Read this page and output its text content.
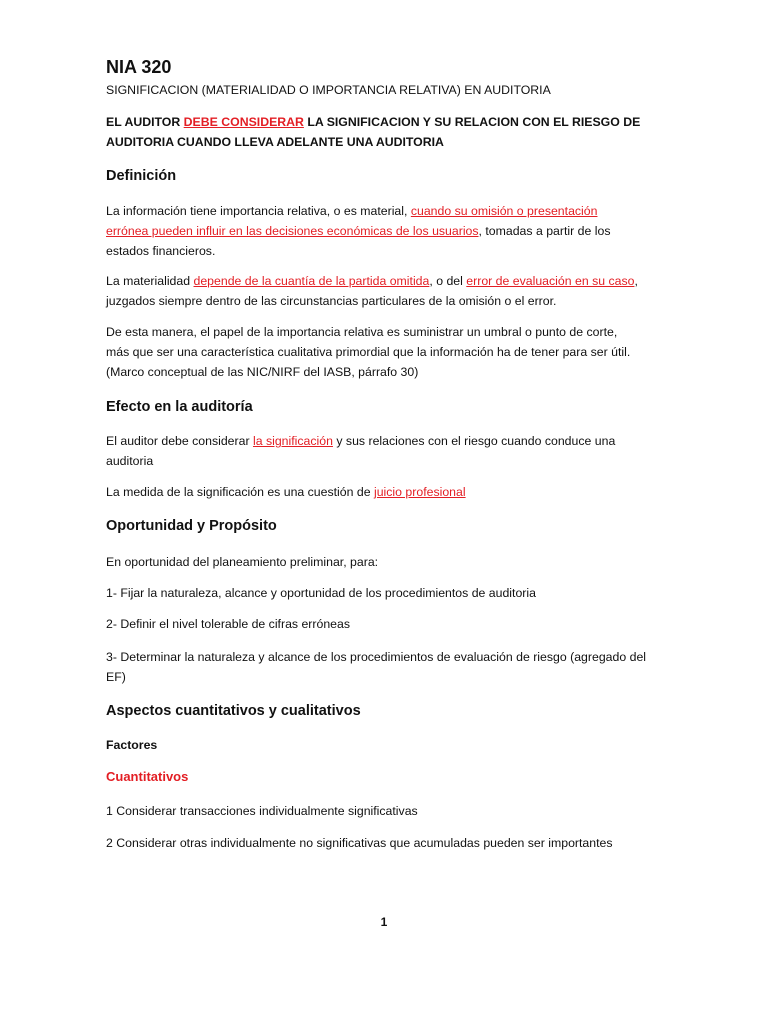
NIA 320
SIGNIFICACION (MATERIALIDAD O IMPORTANCIA RELATIVA) EN AUDITORIA
EL AUDITOR DEBE CONSIDERAR LA SIGNIFICACION Y SU RELACION CON EL RIESGO DE
AUDITORIA CUANDO LLEVA ADELANTE UNA AUDITORIA
Definición
La información tiene importancia relativa, o es material, cuando su omisión o presentación
errónea pueden influir en las decisiones económicas de los usuarios, tomadas a partir de los
estados financieros.
La materialidad depende de la cuantía de la partida omitida, o del error de evaluación en su caso,
juzgados siempre dentro de las circunstancias particulares de la omisión o el error.
De esta manera, el papel de la importancia relativa es suministrar un umbral o punto de corte,
más que ser una característica cualitativa primordial que la información ha de tener para ser útil.
(Marco conceptual de las NIC/NIRF del IASB, párrafo 30)
Efecto en la auditoría
El auditor debe considerar la significación y sus relaciones con el riesgo cuando conduce una
auditoria
La medida de la significación es una cuestión de juicio profesional
Oportunidad y Propósito
En oportunidad del planeamiento preliminar, para:
1- Fijar la naturaleza, alcance y oportunidad de los procedimientos de auditoria
2- Definir el nivel tolerable de cifras erróneas
3- Determinar la naturaleza y alcance de los procedimientos de evaluación de riesgo (agregado del
EF)
Aspectos cuantitativos y cualitativos
Factores
Cuantitativos
1 Considerar transacciones individualmente significativas
2 Considerar otras individualmente no significativas que acumuladas pueden ser importantes
1
